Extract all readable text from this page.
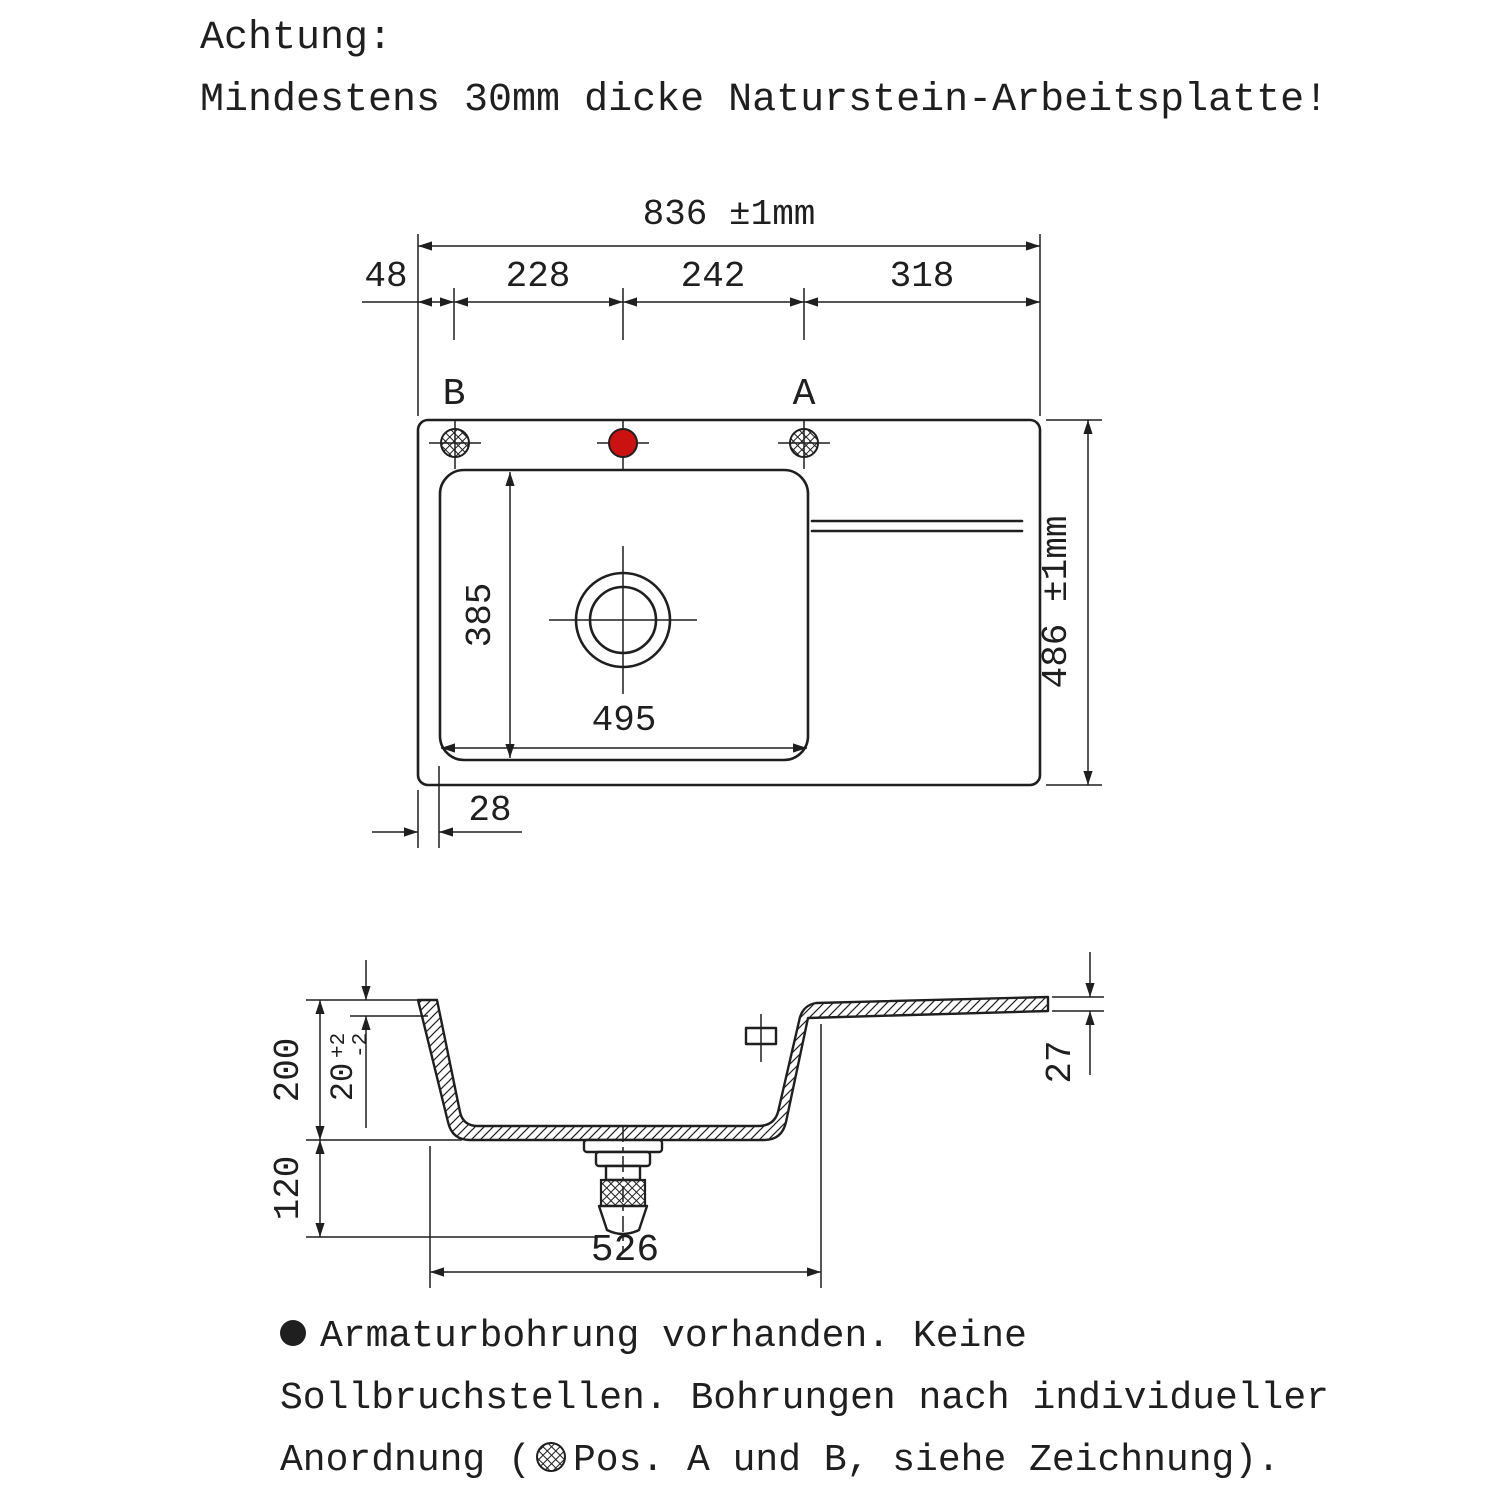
Achtung:
Mindestens 30mm dicke Naturstein-Arbeitsplatte!
836 ±1mm
48	228	242	318
B	A
495
385	486 ±1mm
28
200
120
20
+2 -2	27
526
Armaturbohrung vorhanden. Keine
Sollbruchstellen. Bohrungen nach individueller
Anordnung ( Pos. A und B, siehe Zeichnung).
